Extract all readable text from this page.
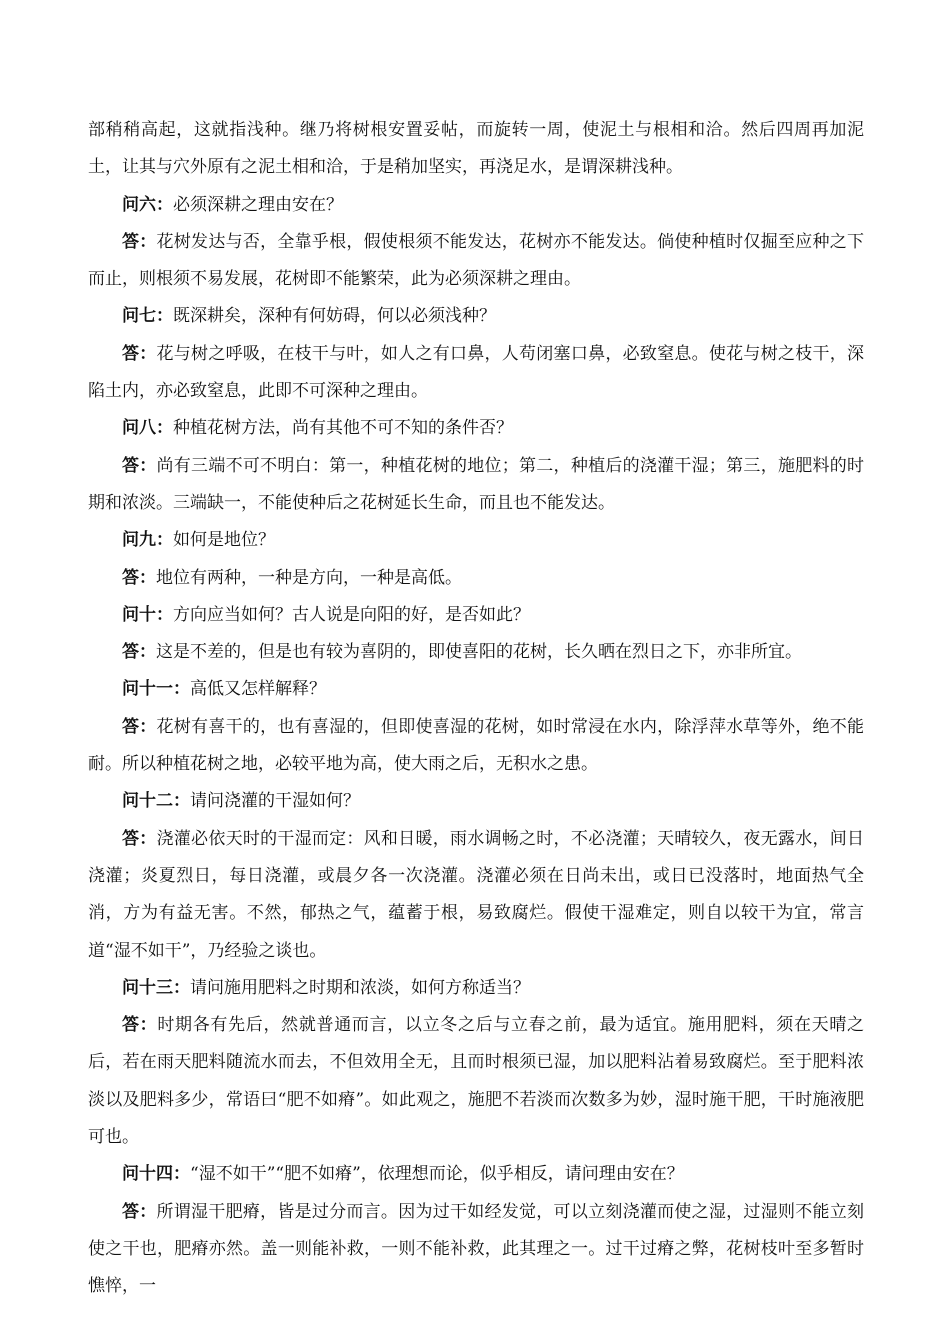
部稍稍高起，这就指浅种。继乃将树根安置妥帖，而旋转一周，使泥土与根相和洽。然后四周再加泥土，让其与穴外原有之泥土相和洽，于是稍加坚实，再浇足水，是谓深耕浅种。

问六：必须深耕之理由安在？

答：花树发达与否，全靠乎根，假使根须不能发达，花树亦不能发达。倘使种植时仅掘至应种之下而止，则根须不易发展，花树即不能繁荣，此为必须深耕之理由。

问七：既深耕矣，深种有何妨碍，何以必须浅种？

答：花与树之呼吸，在枝干与叶，如人之有口鼻，人苟闭塞口鼻，必致窒息。使花与树之枝干，深陷土内，亦必致窒息，此即不可深种之理由。

问八：种植花树方法，尚有其他不可不知的条件否？

答：尚有三端不可不明白：第一，种植花树的地位；第二，种植后的浇灌干湿；第三，施肥料的时期和浓淡。三端缺一，不能使种后之花树延长生命，而且也不能发达。

问九：如何是地位？

答：地位有两种，一种是方向，一种是高低。

问十：方向应当如何？古人说是向阳的好，是否如此？

答：这是不差的，但是也有较为喜阴的，即使喜阳的花树，长久晒在烈日之下，亦非所宜。

问十一：高低又怎样解释？

答：花树有喜干的，也有喜湿的，但即使喜湿的花树，如时常浸在水内，除浮萍水草等外，绝不能耐。所以种植花树之地，必较平地为高，使大雨之后，无积水之患。

问十二：请问浇灌的干湿如何？

答：浇灌必依天时的干湿而定：风和日暖，雨水调畅之时，不必浇灌；天晴较久，夜无露水，间日浇灌；炎夏烈日，每日浇灌，或晨夕各一次浇灌。浇灌必须在日尚未出，或日已没落时，地面热气全消，方为有益无害。不然，郁热之气，蕴蓄于根，易致腐烂。假使干湿难定，则自以较干为宜，常言道“湿不如干”，乃经验之谈也。

问十三：请问施用肥料之时期和浓淡，如何方称适当？

答：时期各有先后，然就普通而言，以立冬之后与立春之前，最为适宜。施用肥料，须在天晴之后，若在雨天肥料随流水而去，不但效用全无，且而时根须已湿，加以肥料沾着易致腐烂。至于肥料浓淡以及肥料多少，常语曰“肥不如瘠”。如此观之，施肥不若淡而次数多为妙，湿时施干肥，干时施液肥可也。

问十四：“湿不如干”“肥不如瘠”，依理想而论，似乎相反，请问理由安在？

答：所谓湿干肥瘠，皆是过分而言。因为过干如经发觉，可以立刻浇灌而使之湿，过湿则不能立刻使之干也，肥瘠亦然。盖一则能补救，一则不能补救，此其理之一。过干过瘠之弊，花树枝叶至多暂时憔悴，一
